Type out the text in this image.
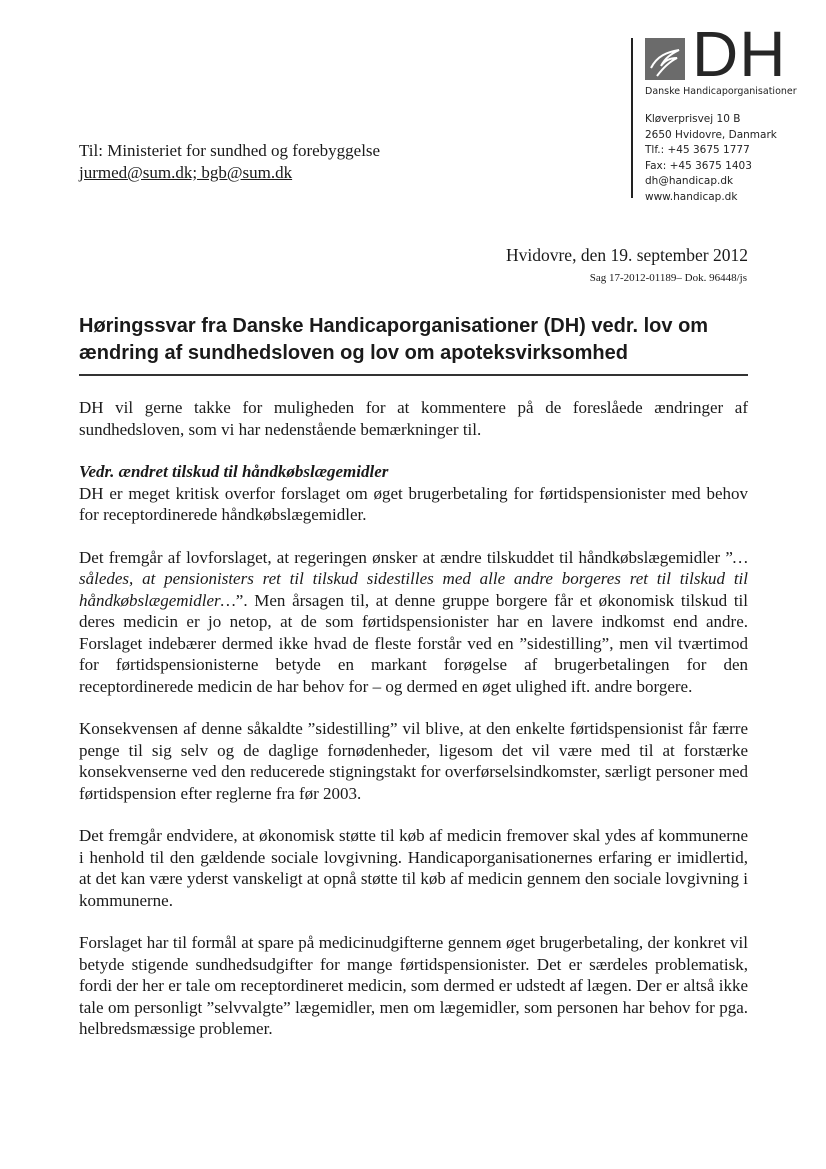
DH
Danske Handicaporganisationer
Kløverprisvej 10 B
2650 Hvidovre, Danmark
Tlf.: +45 3675 1777
Fax: +45 3675 1403
dh@handicap.dk
www.handicap.dk
Til: Ministeriet for sundhed og forebyggelse
jurmed@sum.dk; bgb@sum.dk
Hvidovre, den 19. september 2012
Sag 17-2012-01189– Dok. 96448/js
Høringssvar fra Danske Handicaporganisationer (DH) vedr. lov om ændring af sundhedsloven og lov om apoteksvirksomhed

DH vil gerne takke for muligheden for at kommentere på de foreslåede ændringer af sundhedsloven, som vi har nedenstående bemærkninger til.

Vedr. ændret tilskud til håndkøbslægemidler
DH er meget kritisk overfor forslaget om øget brugerbetaling for førtidspensionister med behov for receptordinerede håndkøbslægemidler.

Det fremgår af lovforslaget, at regeringen ønsker at ændre tilskuddet til håndkøbslægemidler ”… således, at pensionisters ret til tilskud sidestilles med alle andre borgeres ret til tilskud til håndkøbslægemidler…”. Men årsagen til, at denne gruppe borgere får et økonomisk tilskud til deres medicin er jo netop, at de som førtidspensionister har en lavere indkomst end andre. Forslaget indebærer dermed ikke hvad de fleste forstår ved en ”sidestilling”, men vil tværtimod for førtidspensionisterne betyde en markant forøgelse af brugerbetalingen for den receptordinerede medicin de har behov for – og dermed en øget ulighed ift. andre borgere.

Konsekvensen af denne såkaldte ”sidestilling” vil blive, at den enkelte førtidspensionist får færre penge til sig selv og de daglige fornødenheder, ligesom det vil være med til at forstærke konsekvenserne ved den reducerede stigningstakt for overførselsindkomster, særligt personer med førtidspension efter reglerne fra før 2003.

Det fremgår endvidere, at økonomisk støtte til køb af medicin fremover skal ydes af kommunerne i henhold til den gældende sociale lovgivning. Handicaporganisationernes erfaring er imidlertid, at det kan være yderst vanskeligt at opnå støtte til køb af medicin gennem den sociale lovgivning i kommunerne.

Forslaget har til formål at spare på medicinudgifterne gennem øget brugerbetaling, der konkret vil betyde stigende sundhedsudgifter for mange førtidspensionister. Det er særdeles problematisk, fordi der her er tale om receptordineret medicin, som dermed er udstedt af lægen. Der er altså ikke tale om personligt ”selvvalgte” lægemidler, men om lægemidler, som personen har behov for pga. helbredsmæssige problemer.
